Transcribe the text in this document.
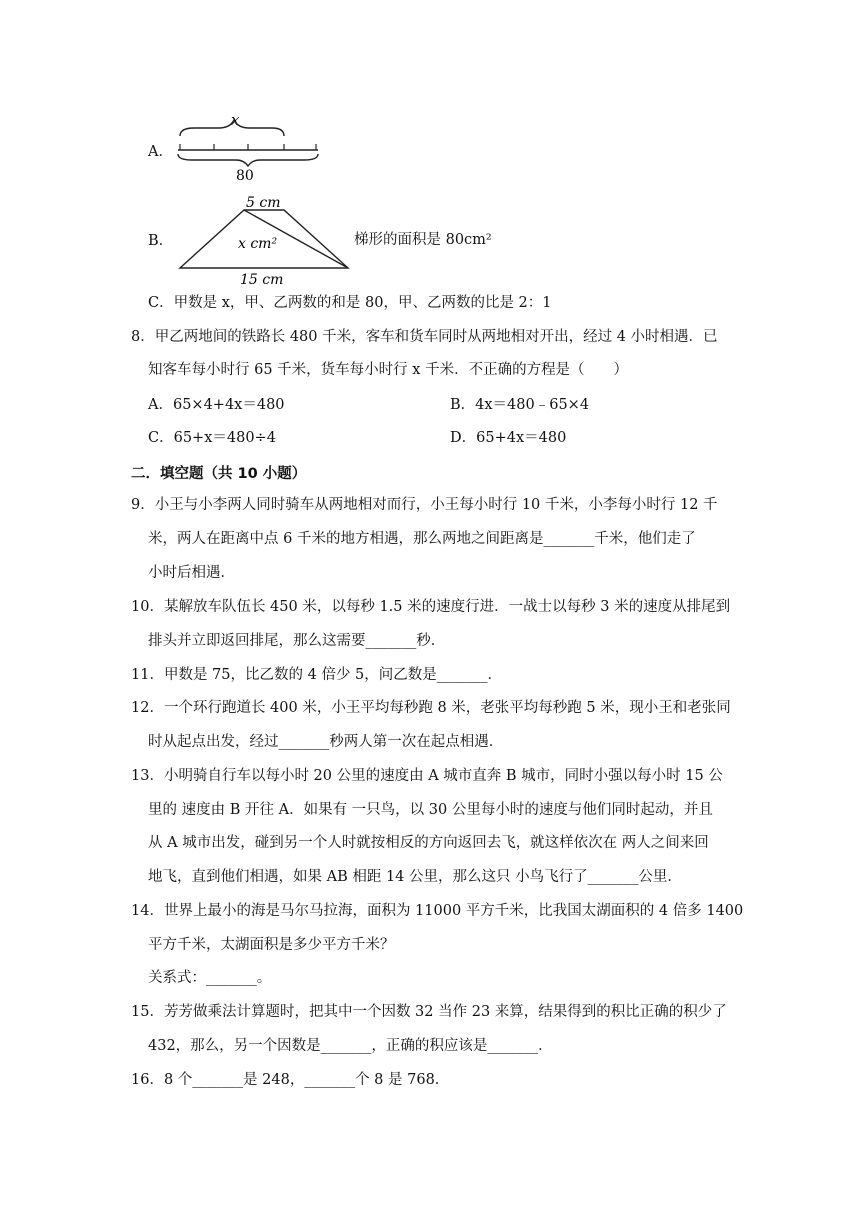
A．
x
80
B．
5 cm
x cm²
15 cm
梯形的面积是 80cm²
C．甲数是 x，甲、乙两数的和是 80，甲、乙两数的比是 2：1
8．甲乙两地间的铁路长 480 千米，客车和货车同时从两地相对开出，经过 4 小时相遇．已
知客车每小时行 65 千米，货车每小时行 x 千米．不正确的方程是（　　）
A．65×4+4x＝480	B．4x＝480﹣65×4
C．65+x＝480÷4	D．65+4x＝480
二．填空题（共 10 小题）
9．小王与小李两人同时骑车从两地相对而行，小王每小时行 10 千米，小李每小时行 12 千
米，两人在距离中点 6 千米的地方相遇，那么两地之间距离是_______千米，他们走了
小时后相遇．
10．某解放车队伍长 450 米，以每秒 1.5 米的速度行进．一战士以每秒 3 米的速度从排尾到
排头并立即返回排尾，那么这需要_______秒．
11．甲数是 75，比乙数的 4 倍少 5，问乙数是_______．
12．一个环行跑道长 400 米，小王平均每秒跑 8 米，老张平均每秒跑 5 米，现小王和老张同
时从起点出发，经过_______秒两人第一次在起点相遇．
13．小明骑自行车以每小时 20 公里的速度由 A 城市直奔 B 城市，同时小强以每小时 15 公
里的 速度由 B 开往 A．如果有 一只鸟，以 30 公里每小时的速度与他们同时起动，并且
从 A 城市出发，碰到另一个人时就按相反的方向返回去飞，就这样依次在 两人之间来回
地飞，直到他们相遇，如果 AB 相距 14 公里，那么这只 小鸟飞行了_______公里．
14．世界上最小的海是马尔马拉海，面积为 11000 平方千米，比我国太湖面积的 4 倍多 1400
平方千米，太湖面积是多少平方千米？
关系式：_______。
15．芳芳做乘法计算题时，把其中一个因数 32 当作 23 来算，结果得到的积比正确的积少了
432，那么，另一个因数是_______，正确的积应该是_______．
16．8 个_______是 248，_______个 8 是 768．
